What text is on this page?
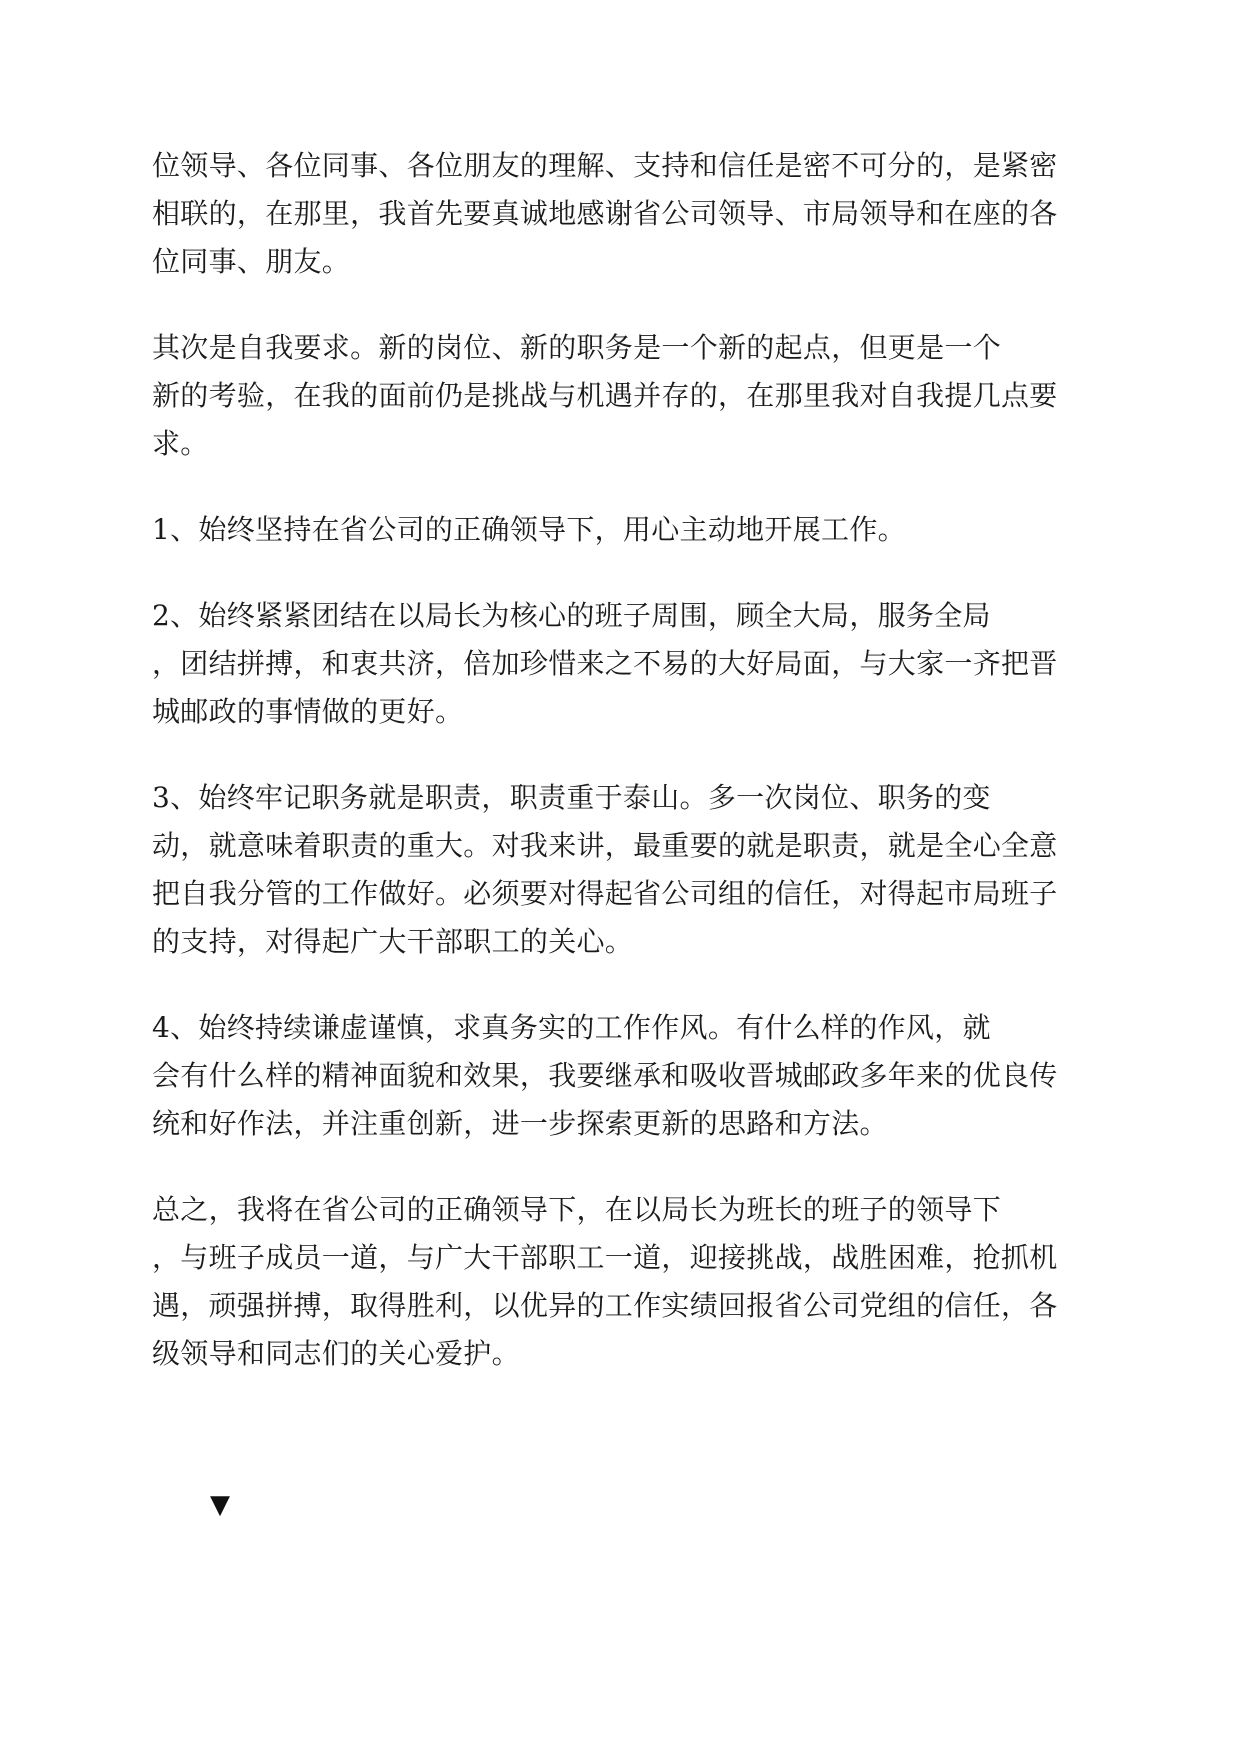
位领导、各位同事、各位朋友的理解、支持和信任是密不可分的，是紧密
相联的，在那里，我首先要真诚地感谢省公司领导、市局领导和在座的各
位同事、朋友。

其次是自我要求。新的岗位、新的职务是一个新的起点，但更是一个
新的考验，在我的面前仍是挑战与机遇并存的，在那里我对自我提几点要
求。

1、始终坚持在省公司的正确领导下，用心主动地开展工作。

2、始终紧紧团结在以局长为核心的班子周围，顾全大局，服务全局
，团结拼搏，和衷共济，倍加珍惜来之不易的大好局面，与大家一齐把晋
城邮政的事情做的更好。

3、始终牢记职务就是职责，职责重于泰山。多一次岗位、职务的变
动，就意味着职责的重大。对我来讲，最重要的就是职责，就是全心全意
把自我分管的工作做好。必须要对得起省公司组的信任，对得起市局班子
的支持，对得起广大干部职工的关心。

4、始终持续谦虚谨慎，求真务实的工作作风。有什么样的作风，就
会有什么样的精神面貌和效果，我要继承和吸收晋城邮政多年来的优良传
统和好作法，并注重创新，进一步探索更新的思路和方法。

总之，我将在省公司的正确领导下，在以局长为班长的班子的领导下
，与班子成员一道，与广大干部职工一道，迎接挑战，战胜困难，抢抓机
遇，顽强拼搏，取得胜利，以优异的工作实绩回报省公司党组的信任，各
级领导和同志们的关心爱护。

▼
